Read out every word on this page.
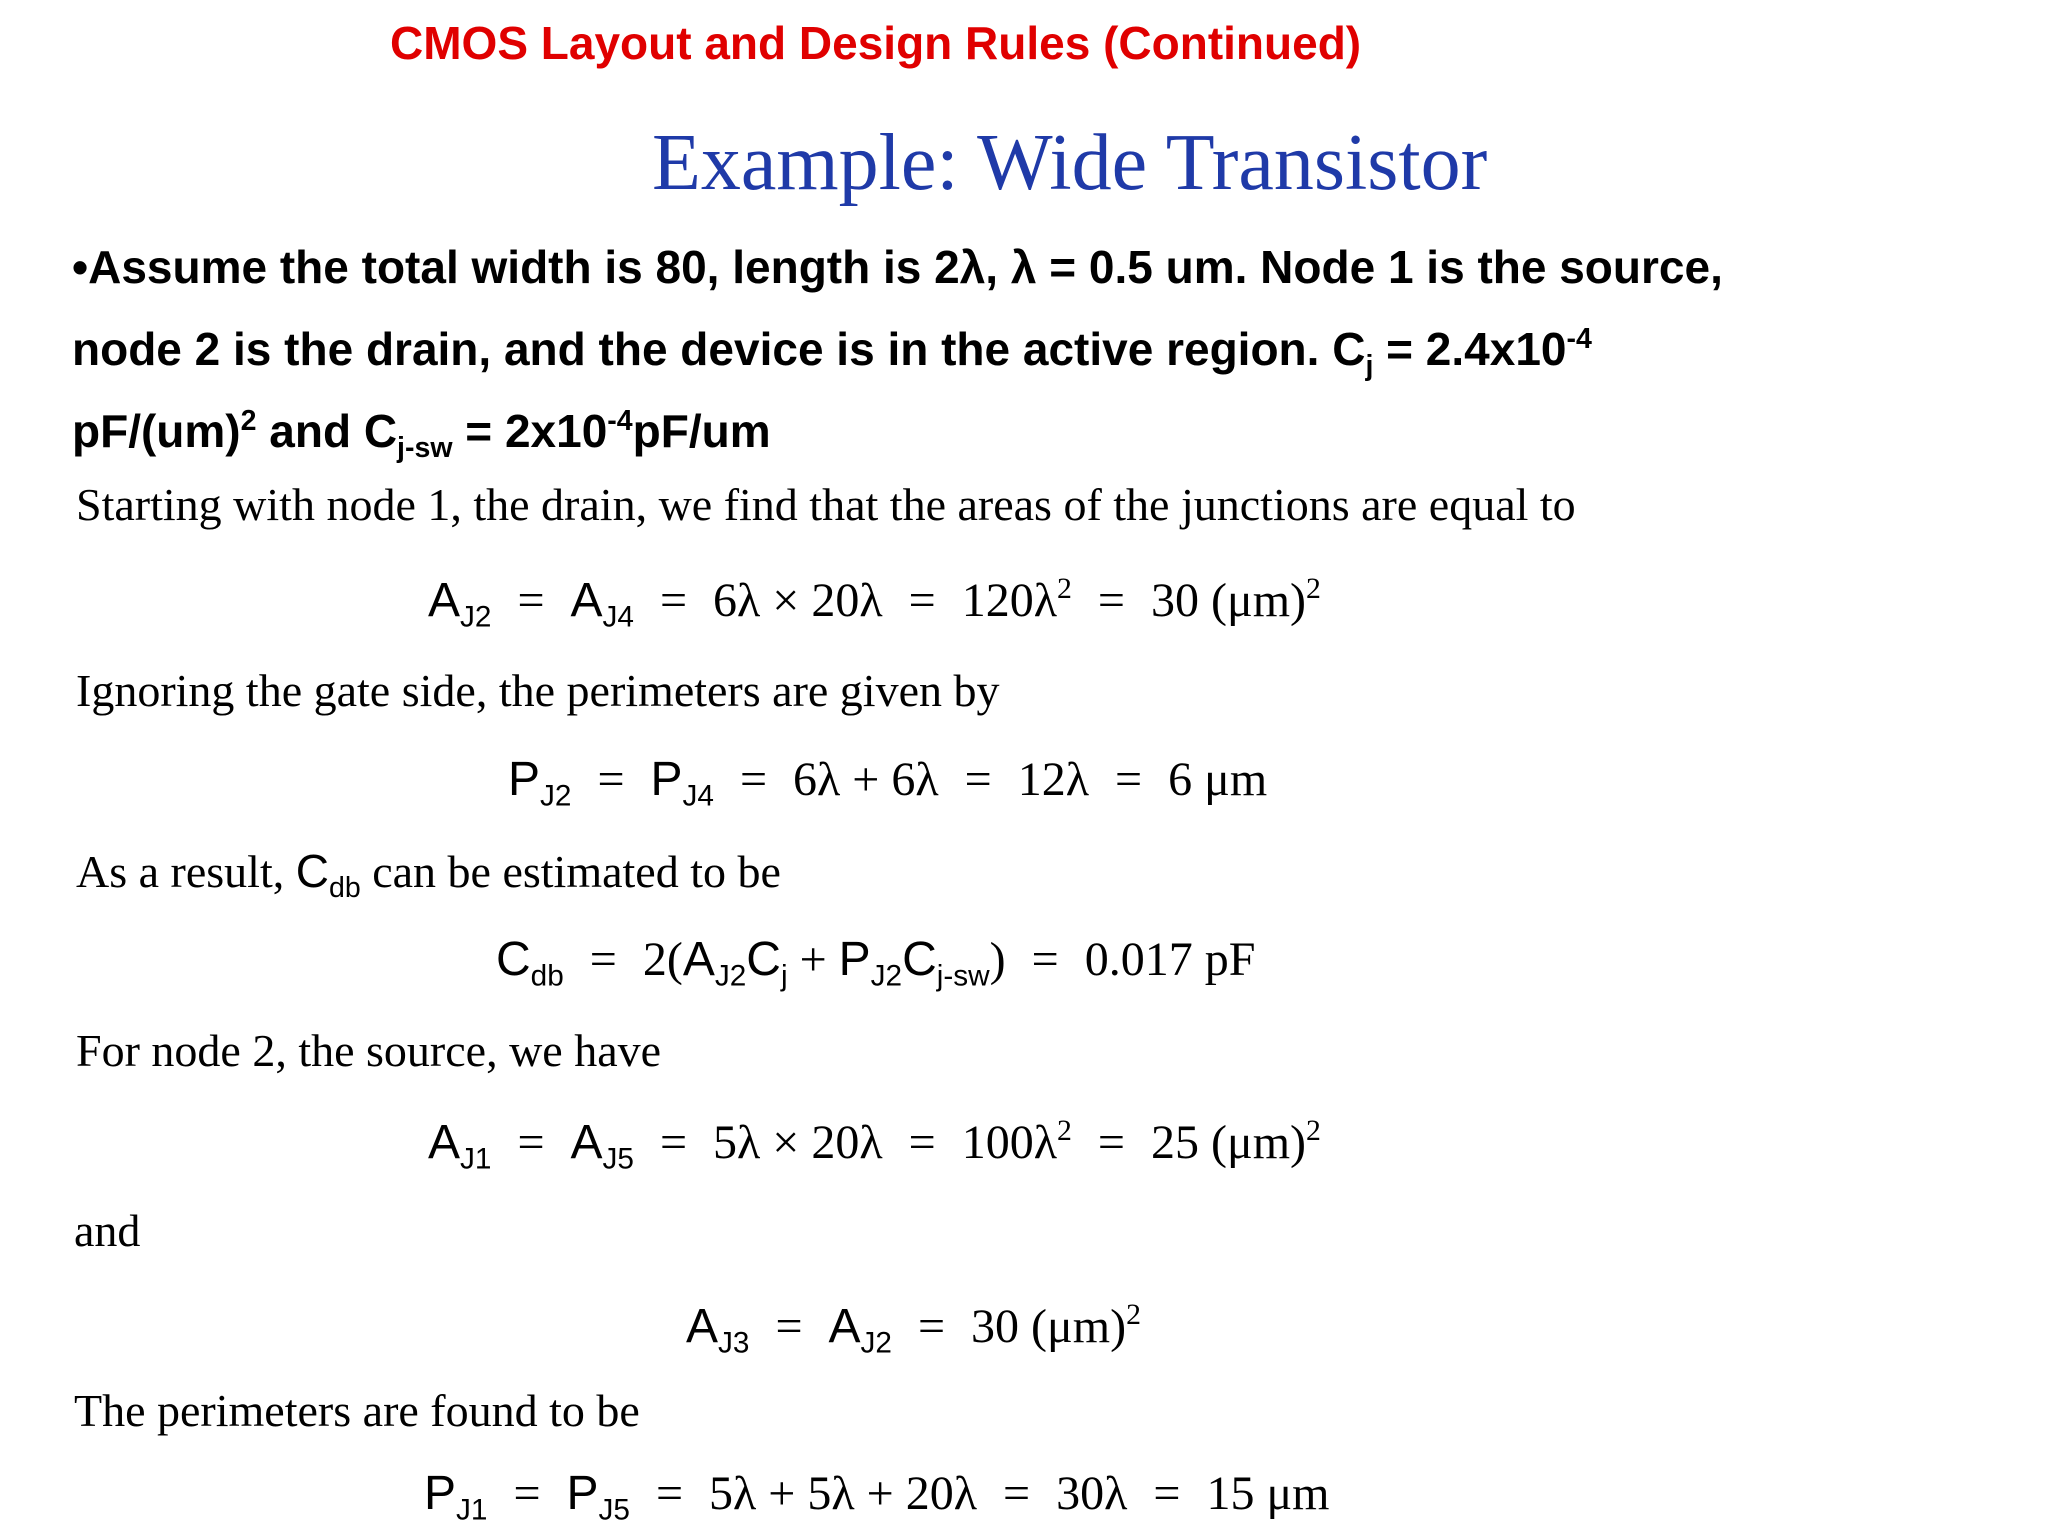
CMOS Layout and Design Rules (Continued)
Example: Wide Transistor
•Assume the total width is 80, length is 2λ, λ = 0.5 um. Node 1 is the source,
node 2 is the drain, and the device is in the active region. $C_j = 2.4x10^{-4}$
pF/(um)$^2$ and $C_{j-sw} = 2x10^{-4}pF/um$
Starting with node 1, the drain, we find that the areas of the junctions are equal to
$A_{J2} = A_{J4} = 6\lambda \times 20\lambda = 120\lambda^2 = 30$ $(\mu m)^2$
Ignoring the gate side, the perimeters are given by
$P_{J2} = P_{J4} = 6\lambda + 6\lambda = 12\lambda = 6$ μm
As a result, $C_{db}$ can be estimated to be
$C_{db} = 2(A_{J2}C_j + P_{J2}C_{j-sw}) = 0.017$ pF
For node 2, the source, we have
$A_{J1} = A_{J5} = 5\lambda \times 20\lambda = 100\lambda^2 = 25$ $(\mu m)^2$
and
$A_{J3} = A_{J2} = 30$ $(\mu m)^2$
The perimeters are found to be
$P_{J1} = P_{J5} = 5\lambda + 5\lambda + 20\lambda = 30\lambda = 15$ μm
